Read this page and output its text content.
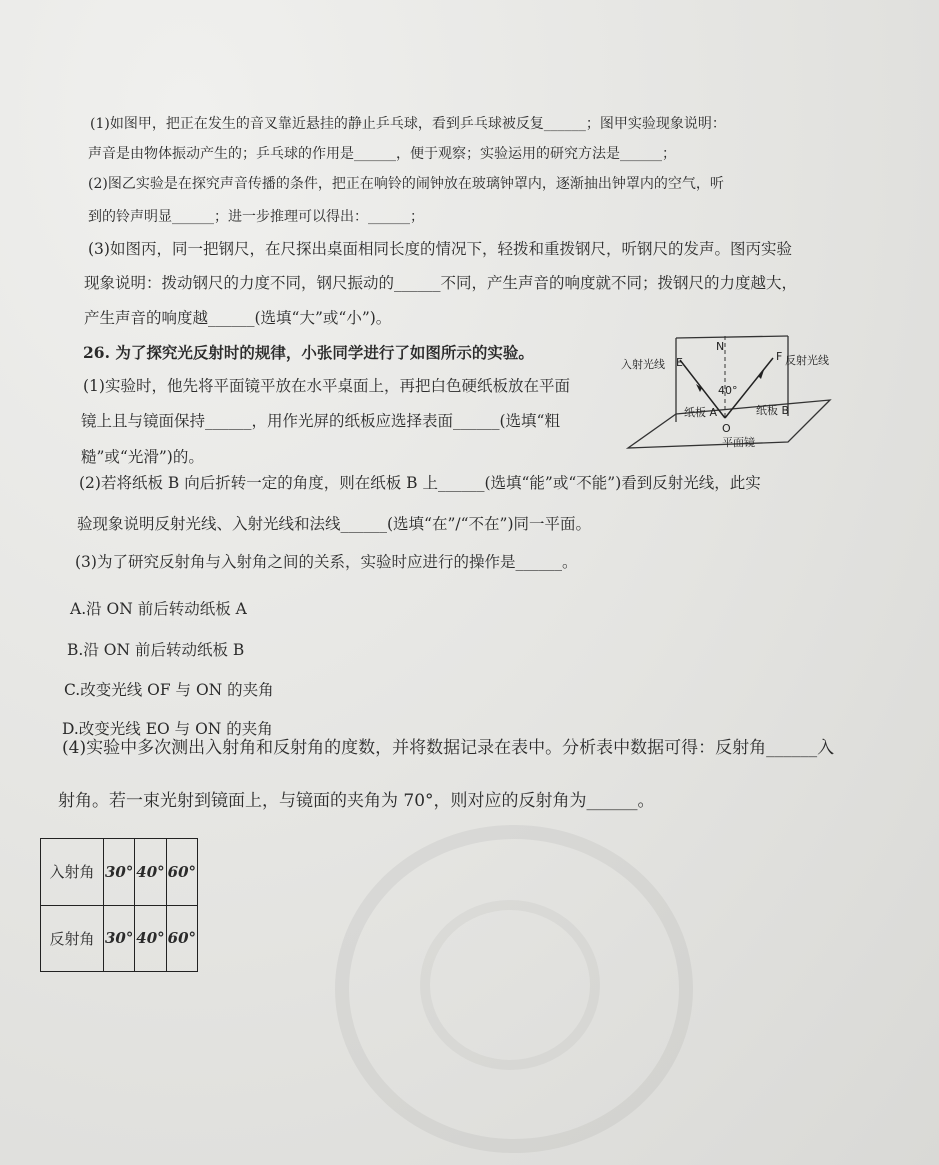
(1)如图甲，把正在发生的音叉靠近悬挂的静止乒乓球，看到乒乓球被反复______；图甲实验现象说明：
声音是由物体振动产生的；乒乓球的作用是______，便于观察；实验运用的研究方法是______；
(2)图乙实验是在探究声音传播的条件，把正在响铃的闹钟放在玻璃钟罩内，逐渐抽出钟罩内的空气，听
到的铃声明显______；进一步推理可以得出：______；
(3)如图丙，同一把钢尺，在尺探出桌面相同长度的情况下，轻拨和重拨钢尺，听钢尺的发声。图丙实验
现象说明：拨动钢尺的力度不同，钢尺振动的______不同，产生声音的响度就不同；拨钢尺的力度越大，
产生声音的响度越______(选填“大”或“小”)。
26. 为了探究光反射时的规律，小张同学进行了如图所示的实验。
(1)实验时，他先将平面镜平放在水平桌面上，再把白色硬纸板放在平面
镜上且与镜面保持______，用作光屏的纸板应选择表面______(选填“粗
糙”或“光滑”)的。
(2)若将纸板 B 向后折转一定的角度，则在纸板 B 上______(选填“能”或“不能”)看到反射光线，此实
验现象说明反射光线、入射光线和法线______(选填“在”/“不在”)同一平面。
(3)为了研究反射角与入射角之间的关系，实验时应进行的操作是______。
A.沿 ON 前后转动纸板 A
B.沿 ON 前后转动纸板 B
C.改变光线 OF 与 ON 的夹角
D.改变光线 EO 与 ON 的夹角
(4)实验中多次测出入射角和反射角的度数，并将数据记录在表中。分析表中数据可得：反射角______入
射角。若一束光射到镜面上，与镜面的夹角为 70°，则对应的反射角为______。
入射光线 E	F 反射光线
N
40°
纸板 A	纸板 B
O
平面镜
入射角	30°	40°	60°
反射角	30°	40°	60°
